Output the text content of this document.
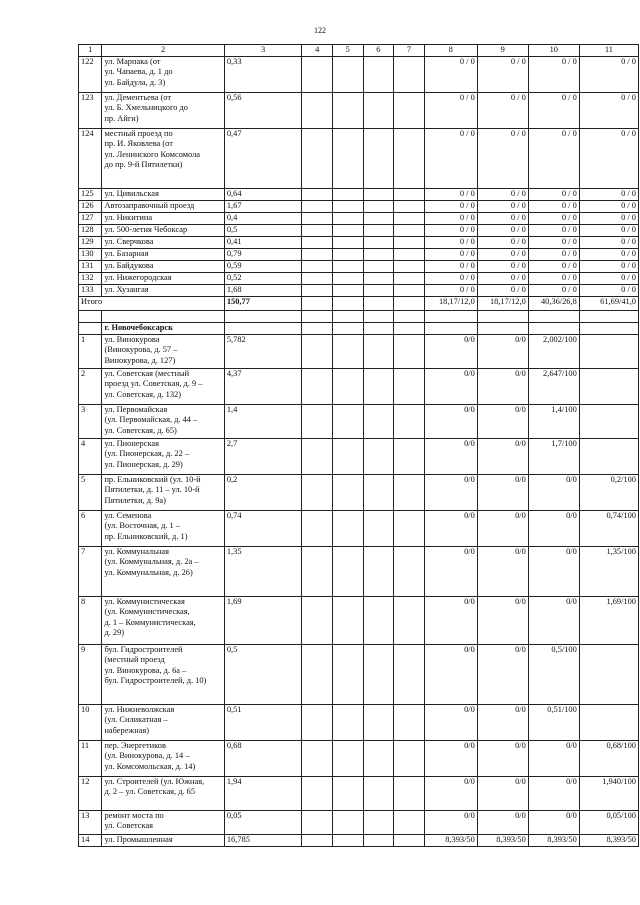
122
1	2	3	4	5	6	7	8	9	10	11
122	ул. Марпака (от
ул. Чапаева, д. 1 до
ул. Байдула, д. 3)	0,33					0 / 0	0 / 0	0 / 0	0 / 0
123	ул. Дементьева (от
ул. Б. Хмельницкого до
пр. Айги)	0,56					0 / 0	0 / 0	0 / 0	0 / 0
124	местный проезд по
пр. И. Яковлева (от
ул. Ленинского Комсомола
до пр. 9-й Пятилетки)	0,47					0 / 0	0 / 0	0 / 0	0 / 0
125	ул. Цивильская	0,64					0 / 0	0 / 0	0 / 0	0 / 0
126	Автозаправочный проезд	1,67					0 / 0	0 / 0	0 / 0	0 / 0
127	ул. Никитина	0,4					0 / 0	0 / 0	0 / 0	0 / 0
128	ул. 500-летия Чебоксар	0,5					0 / 0	0 / 0	0 / 0	0 / 0
129	ул. Сверчкова	0,41					0 / 0	0 / 0	0 / 0	0 / 0
130	ул. Базарная	0,79					0 / 0	0 / 0	0 / 0	0 / 0
131	ул. Байдукова	0,59					0 / 0	0 / 0	0 / 0	0 / 0
132	ул. Нижегородская	0,52					0 / 0	0 / 0	0 / 0	0 / 0
133	ул. Хузангая	1,68					0 / 0	0 / 0	0 / 0	0 / 0
Итого		150,77					18,17/12,0	18,17/12,0	40,36/26,8	61,69/41,0

	г. Новочебоксарск									
1	ул. Винокурова
(Винокурова, д. 57 –
Винокурова, д. 127)	5,782					0/0	0/0	2,002/100	
2	ул. Советская (местный
проезд ул. Советская, д. 9 –
ул. Советская, д. 132)	4,37					0/0	0/0	2,647/100	
3	ул. Первомайская
(ул. Первомайская, д. 44 –
ул. Советская, д. 65)	1,4					0/0	0/0	1,4/100	
4	ул. Пионерская
(ул. Пионерская, д. 22 –
ул. Пионерская, д. 29)	2,7					0/0	0/0	1,7/100	
5	пр. Ельниковский (ул. 10-й
Пятилетки, д. 11 – ул. 10-й
Пятилетки, д. 9а)	0,2					0/0	0/0	0/0	0,2/100
6	ул. Семенова
(ул. Восточная, д. 1 –
пр. Ельниковский, д. 1)	0,74					0/0	0/0	0/0	0,74/100
7	ул. Коммунальная
(ул. Коммунальная, д. 2а –
ул. Коммунальная, д. 26)	1,35					0/0	0/0	0/0	1,35/100
8	ул. Коммунистическая
(ул. Коммунистическая,
д. 1 – Коммунистическая,
д. 29)	1,69					0/0	0/0	0/0	1,69/100
9	бул. Гидростроителей
(местный проезд
ул. Винокурова, д. 6а –
бул. Гидростроителей, д. 10)	0,5					0/0	0/0	0,5/100	
10	ул. Нижневолжская
(ул. Силикатная –
набережная)	0,51					0/0	0/0	0,51/100	
11	пер. Энергетиков
(ул. Винокурова, д. 14 –
ул. Комсомольская, д. 14)	0,68					0/0	0/0	0/0	0,68/100
12	ул. Строителей (ул. Южная,
д. 2 – ул. Советская, д. 65	1,94					0/0	0/0	0/0	1,940/100
13	ремонт моста по
ул. Советская	0,05					0/0	0/0	0/0	0,05/100
14	ул. Промышленная	16,785					8,393/50	8,393/50	8,393/50	8,393/50
